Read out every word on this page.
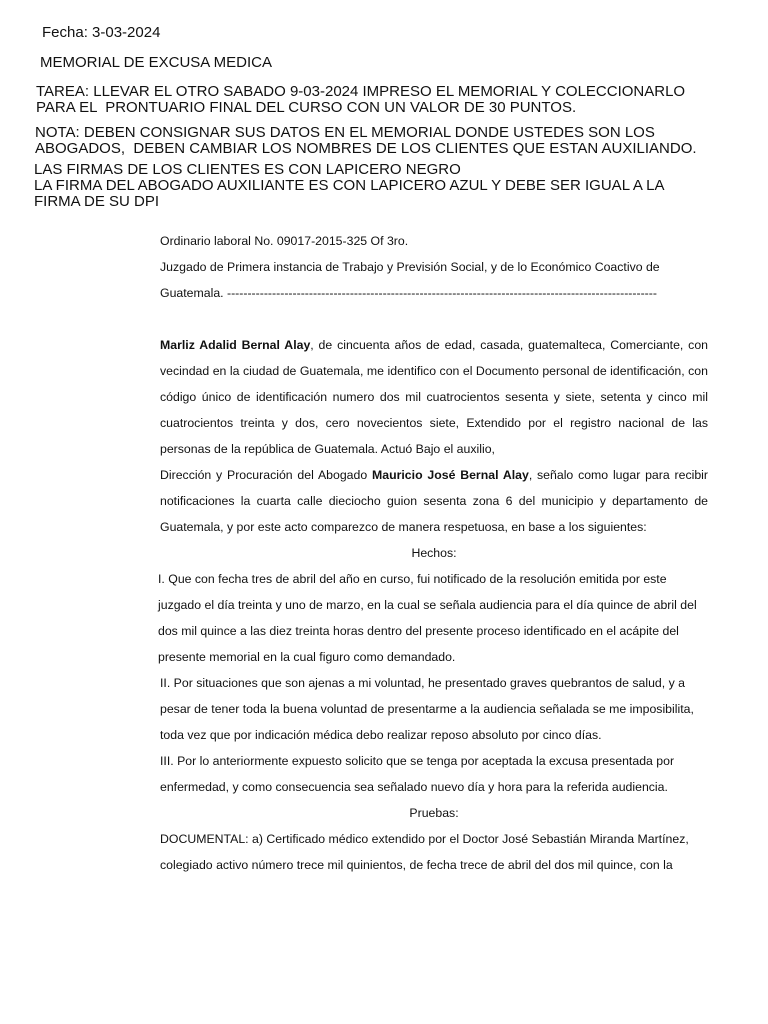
Fecha: 3-03-2024

MEMORIAL DE EXCUSA MEDICA

TAREA: LLEVAR EL OTRO SABADO 9-03-2024 IMPRESO EL MEMORIAL Y COLECCIONARLO

PARA EL  PRONTUARIO FINAL DEL CURSO CON UN VALOR DE 30 PUNTOS.

NOTA: DEBEN CONSIGNAR SUS DATOS EN EL MEMORIAL DONDE USTEDES SON LOS

ABOGADOS,  DEBEN CAMBIAR LOS NOMBRES DE LOS CLIENTES QUE ESTAN AUXILIANDO.

LAS FIRMAS DE LOS CLIENTES ES CON LAPICERO NEGRO

LA FIRMA DEL ABOGADO AUXILIANTE ES CON LAPICERO AZUL Y DEBE SER IGUAL A LA

FIRMA DE SU DPI

Ordinario laboral No. 09017-2015-325 Of 3ro.

Juzgado de Primera instancia de Trabajo y Previsión Social, y de lo Económico Coactivo de

Guatemala. ---------------------------------------------------------------------------------------------------------

Marliz Adalid Bernal Alay, de cincuenta años de edad, casada, guatemalteca, Comerciante, con vecindad en la ciudad de Guatemala, me identifico con el Documento personal de identificación, con código único de identificación numero dos mil cuatrocientos sesenta y siete, setenta y cinco mil cuatrocientos treinta y dos, cero novecientos siete, Extendido por el registro nacional de las personas de la república de Guatemala. Actuó Bajo el auxilio,

Dirección y Procuración del Abogado Mauricio José Bernal Alay, señalo como lugar para recibir notificaciones la cuarta calle dieciocho guion sesenta zona 6 del municipio y departamento de Guatemala, y por este acto comparezco de manera respetuosa, en base a los siguientes:

Hechos:

I. Que con fecha tres de abril del año en curso, fui notificado de la resolución emitida por este juzgado el día treinta y uno de marzo, en la cual se señala audiencia para el día quince de abril del dos mil quince a las diez treinta horas dentro del presente proceso identificado en el acápite del presente memorial en la cual figuro como demandado.

II. Por situaciones que son ajenas a mi voluntad, he presentado graves quebrantos de salud, y a pesar de tener toda la buena voluntad de presentarme a la audiencia señalada se me imposibilita, toda vez que por indicación médica debo realizar reposo absoluto por cinco días.

III. Por lo anteriormente expuesto solicito que se tenga por aceptada la excusa presentada por enfermedad, y como consecuencia sea señalado nuevo día y hora para la referida audiencia.

Pruebas:

DOCUMENTAL: a) Certificado médico extendido por el Doctor José Sebastián Miranda Martínez, colegiado activo número trece mil quinientos, de fecha trece de abril del dos mil quince, con la
